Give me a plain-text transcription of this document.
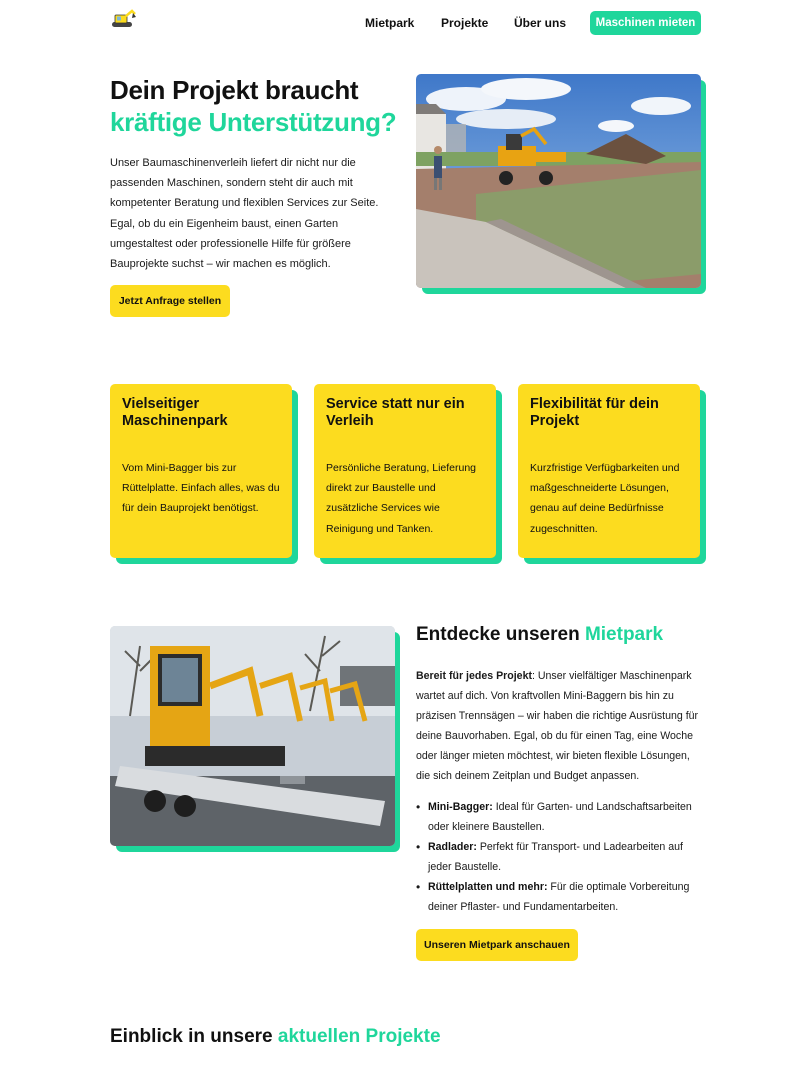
Mietpark Projekte Über uns	Maschinen mieten
Dein Projekt braucht
kräftige Unterstützung?

Unser Baumaschinenverleih liefert dir nicht nur die passenden Maschinen, sondern steht dir auch mit kompetenter Beratung und flexiblen Services zur Seite. Egal, ob du ein Eigenheim baust, einen Garten umgestaltest oder professionelle Hilfe für größere Bauprojekte suchst – wir machen es möglich.

Jetzt Anfrage stellen
Vielseitiger Maschinenpark

Vom Mini-Bagger bis zur Rüttelplatte. Einfach alles, was du für dein Bauprojekt benötigst.

Service statt nur ein Verleih

Persönliche Beratung, Lieferung direkt zur Baustelle und zusätzliche Services wie Reinigung und Tanken.

Flexibilität für dein Projekt

Kurzfristige Verfügbarkeiten und maßgeschneiderte Lösungen, genau auf deine Bedürfnisse zugeschnitten.

Entdecke unseren Mietpark

Bereit für jedes Projekt: Unser vielfältiger Maschinenpark wartet auf dich. Von kraftvollen Mini-Baggern bis hin zu präzisen Trennsägen – wir haben die richtige Ausrüstung für deine Bauvorhaben. Egal, ob du für einen Tag, eine Woche oder länger mieten möchtest, wir bieten flexible Lösungen, die sich deinem Zeitplan und Budget anpassen.

• Mini-Bagger: Ideal für Garten- und Landschaftsarbeiten oder kleinere Baustellen.
• Radlader: Perfekt für Transport- und Ladearbeiten auf jeder Baustelle.
• Rüttelplatten und mehr: Für die optimale Vorbereitung deiner Pflaster- und Fundamentarbeiten.
Unseren Mietpark anschauen
Einblick in unsere aktuellen Projekte
